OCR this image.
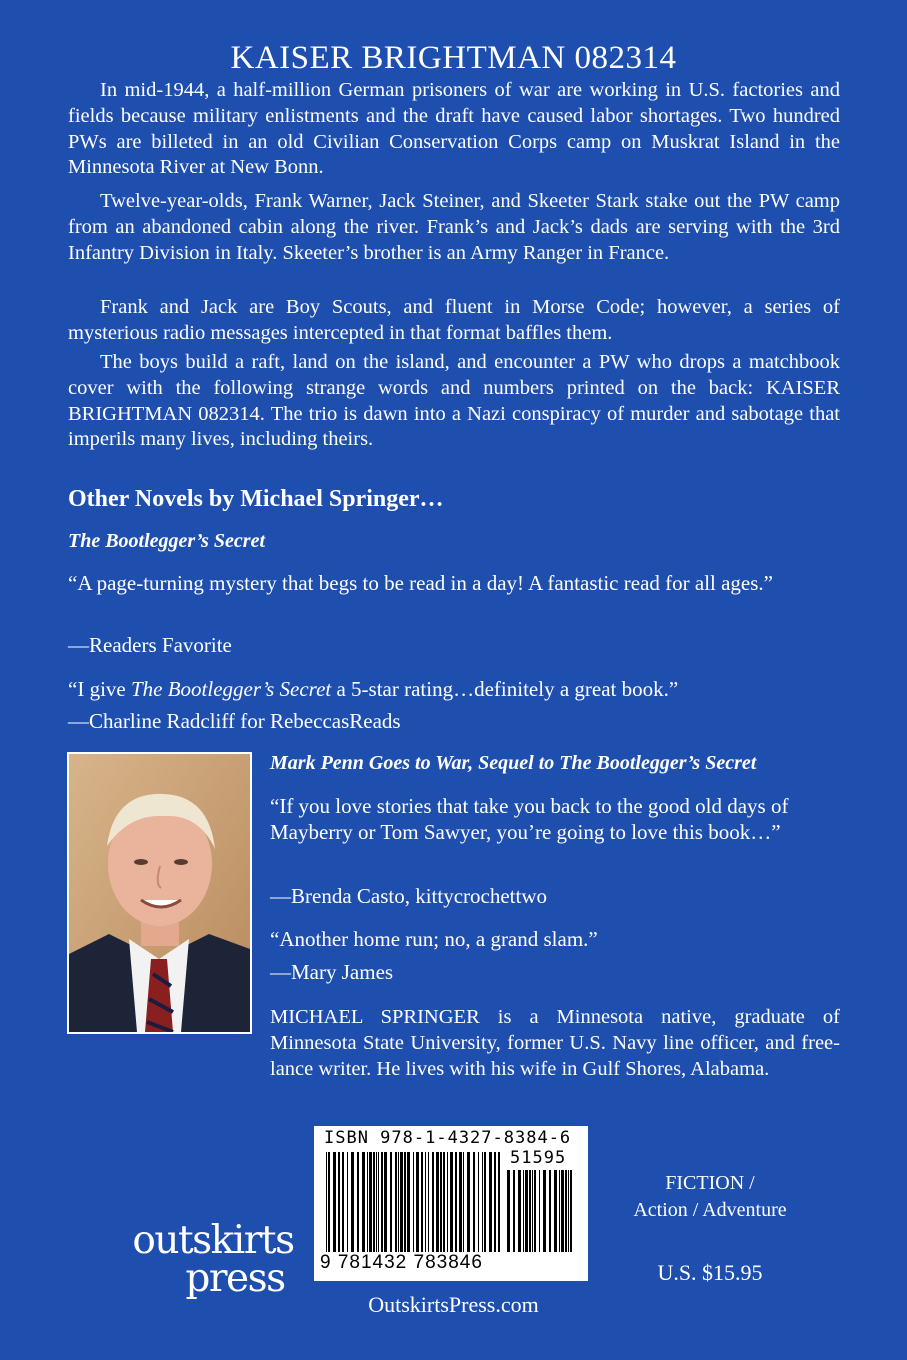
KAISER BRIGHTMAN 082314
In mid-1944, a half-million German prisoners of war are working in U.S. factories and fields because military enlistments and the draft have caused labor shortages. Two hundred PWs are billeted in an old Civilian Conservation Corps camp on Muskrat Island in the Minnesota River at New Bonn.
Twelve-year-olds, Frank Warner, Jack Steiner, and Skeeter Stark stake out the PW camp from an abandoned cabin along the river. Frank’s and Jack’s dads are serving with the 3rd Infantry Division in Italy. Skeeter’s brother is an Army Ranger in France.
Frank and Jack are Boy Scouts, and fluent in Morse Code; however, a series of mysterious radio messages intercepted in that format baffles them.
The boys build a raft, land on the island, and encounter a PW who drops a matchbook cover with the following strange words and numbers printed on the back: KAISER BRIGHTMAN 082314. The trio is dawn into a Nazi conspiracy of murder and sabotage that imperils many lives, including theirs.
Other Novels by Michael Springer…
The Bootlegger’s Secret
“A page-turning mystery that begs to be read in a day! A fantastic read for all ages.”
—Readers Favorite
“I give The Bootlegger’s Secret a 5-star rating…definitely a great book.”
—Charline Radcliff for RebeccasReads
Mark Penn Goes to War, Sequel to The Bootlegger’s Secret
“If you love stories that take you back to the good old days of Mayberry or Tom Sawyer, you’re going to love this book…”
—Brenda Casto, kittycrochettwo
“Another home run; no, a grand slam.”
—Mary James
MICHAEL SPRINGER is a Minnesota native, graduate of Minnesota State University, former U.S. Navy line officer, and free-lance writer. He lives with his wife in Gulf Shores, Alabama.
ISBN 978-1-4327-8384-6
51595
9 781432 783846
outskirts
press
FICTION /
Action / Adventure
U.S. $15.95
OutskirtsPress.com
